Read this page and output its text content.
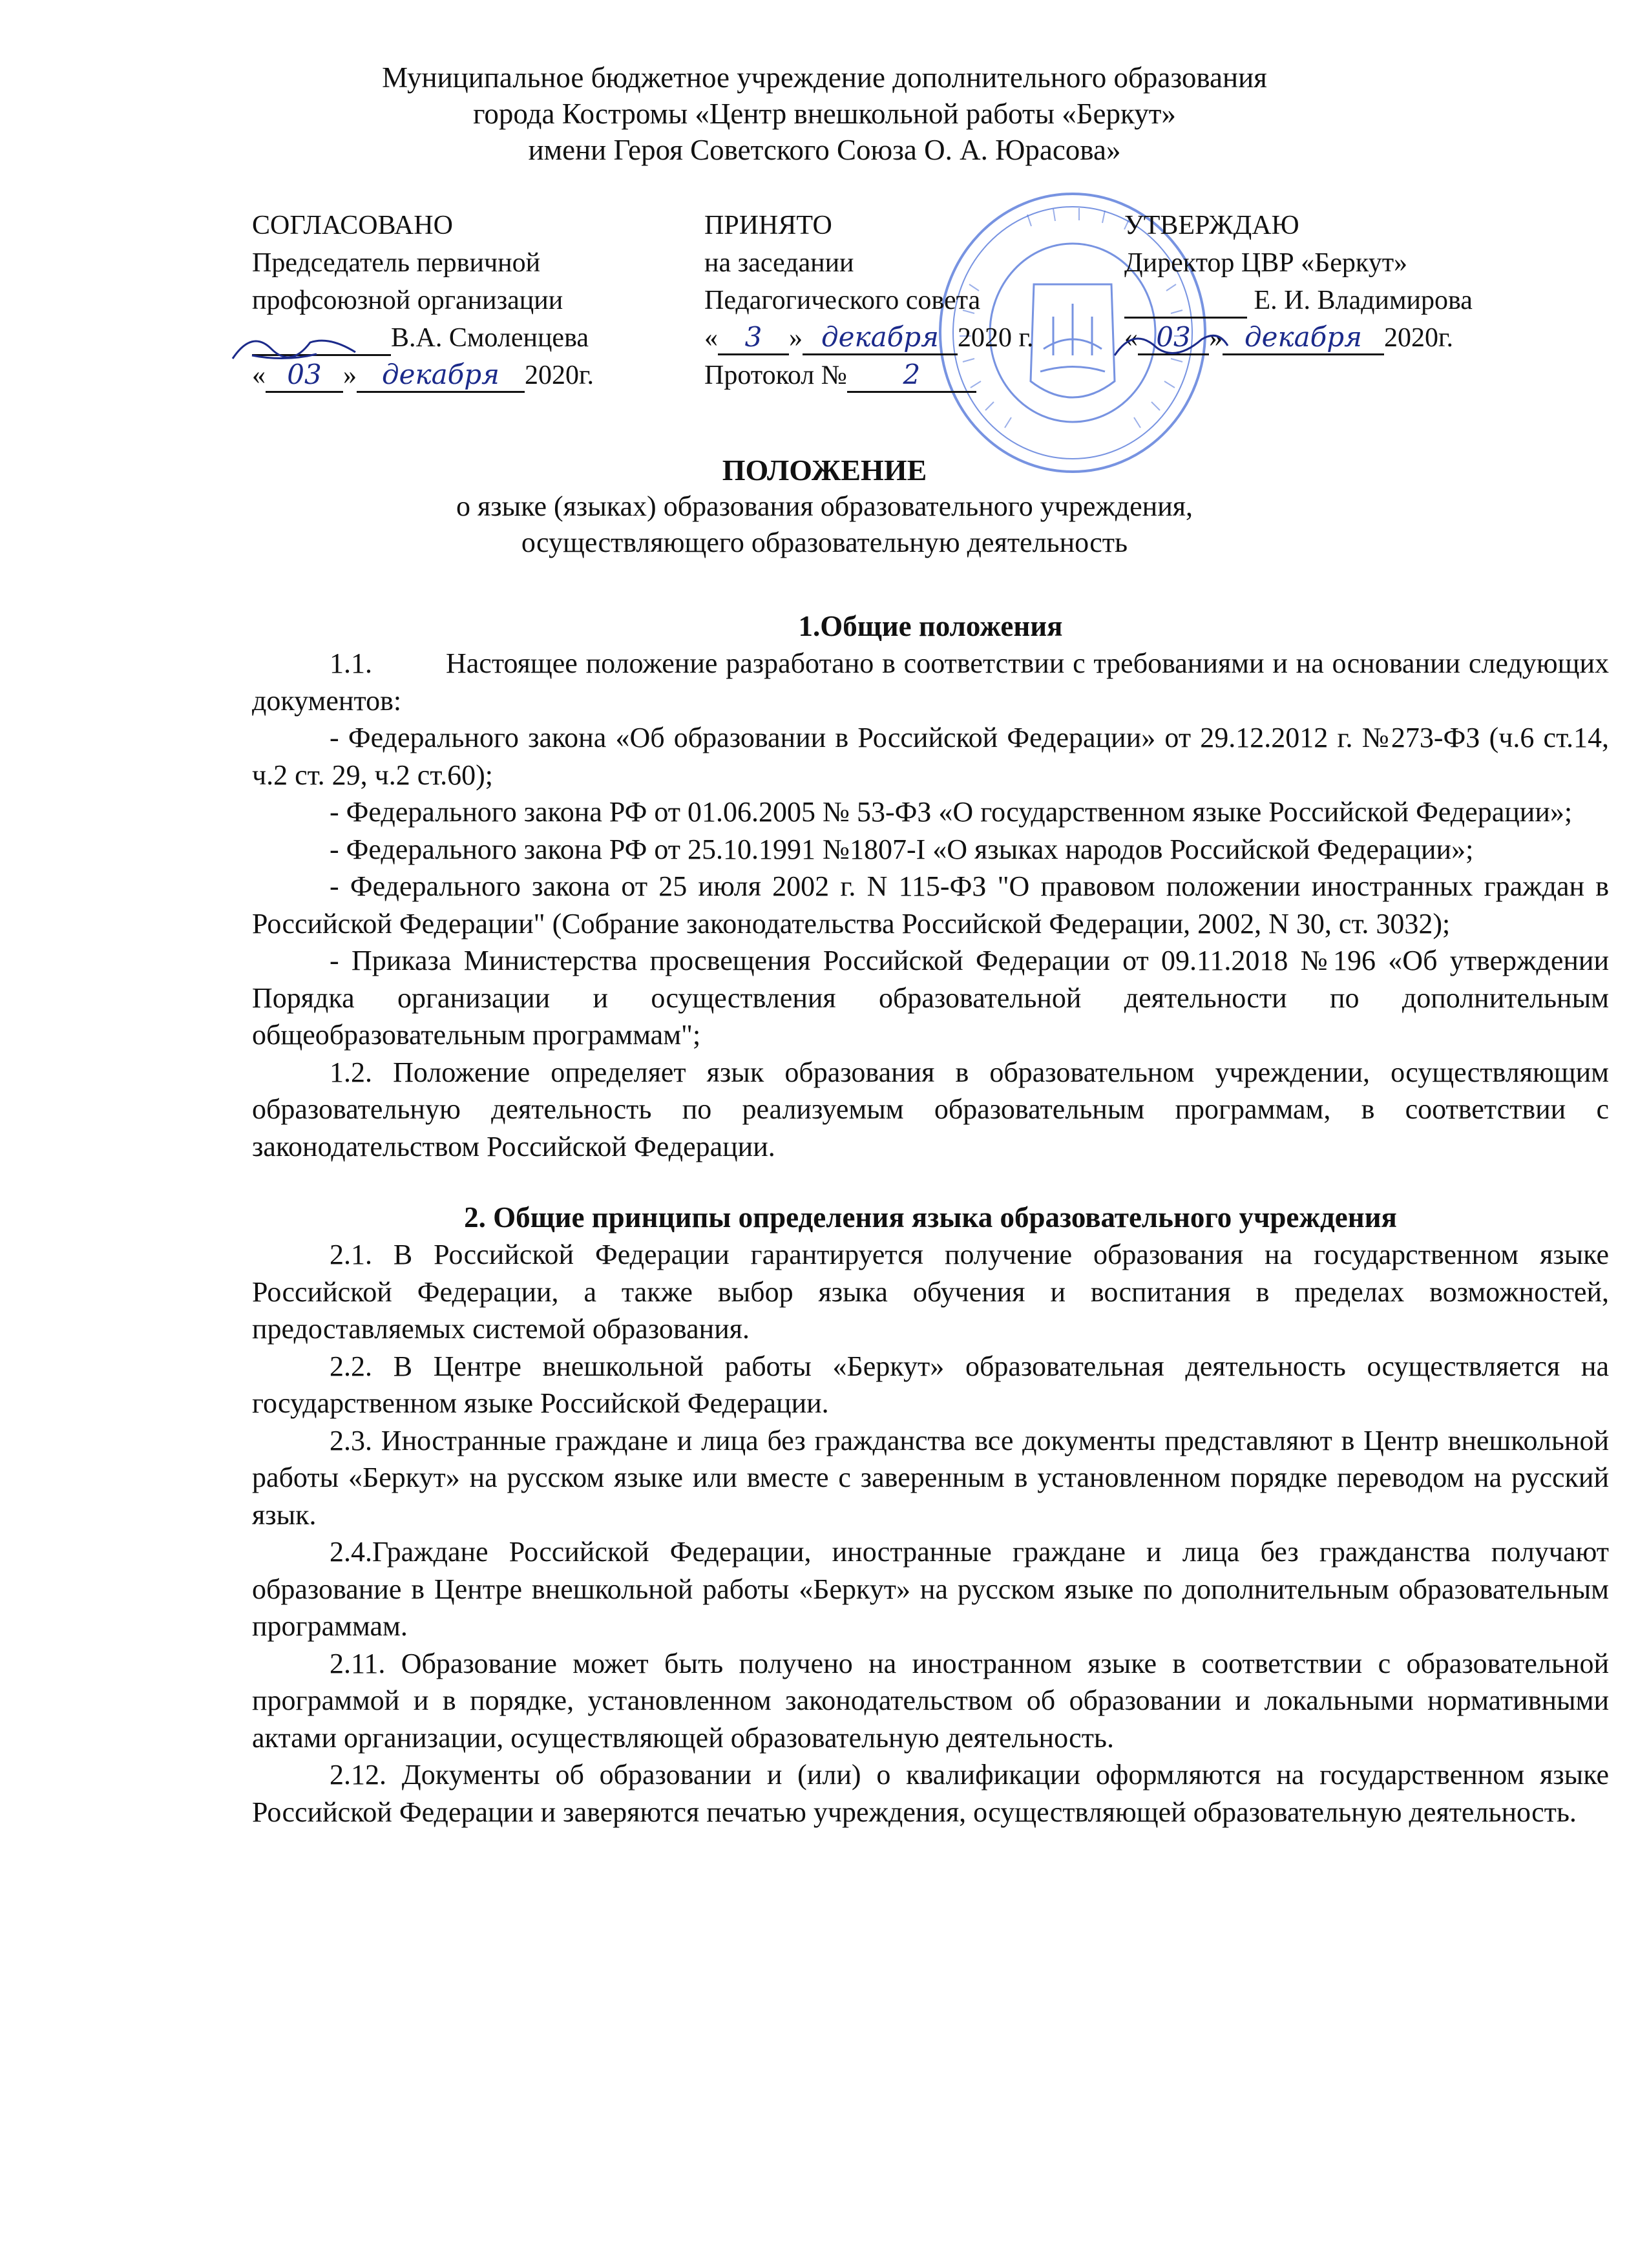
Муниципальное бюджетное учреждение дополнительного образования
города Костромы «Центр внешкольной работы «Беркут»
имени Героя Советского Союза О. А. Юрасова»
СОГЛАСОВАНО
Председатель первичной
профсоюзной организации
В.А. Смоленцева
« 03 » декабря 2020г.
ПРИНЯТО
на заседании
Педагогического совета
« 3 » декабря 2020 г.
Протокол № 2
УТВЕРЖДАЮ
Директор ЦВР «Беркут»
Е. И. Владимирова
« 03 » декабря 2020г.
ПОЛОЖЕНИЕ
о языке (языках) образования образовательного учреждения,
осуществляющего образовательную деятельность
1.Общие положения

1.1.	Настоящее положение разработано в соответствии с требованиями и на основании следующих документов:

- Федерального закона «Об образовании в Российской Федерации» от 29.12.2012 г. №273-ФЗ (ч.6 ст.14, ч.2 ст. 29, ч.2 ст.60);

- Федерального закона РФ от 01.06.2005 № 53-ФЗ «О государственном языке Российской Федерации»;

- Федерального закона РФ от 25.10.1991 №1807-I «О языках народов Российской Федерации»;

- Федерального закона от 25 июля 2002 г. N 115-ФЗ "О правовом положении иностранных граждан в Российской Федерации" (Собрание законодательства Российской Федерации, 2002, N 30, ст. 3032);

- Приказа Министерства просвещения Российской Федерации от 09.11.2018 №196 «Об утверждении Порядка организации и осуществления образовательной деятельности по дополнительным общеобразовательным программам";

1.2. Положение определяет язык образования в образовательном учреждении, осуществляющим образовательную деятельность по реализуемым образовательным программам, в соответствии с законодательством Российской Федерации.

2. Общие принципы определения языка образовательного учреждения

2.1. В Российской Федерации гарантируется получение образования на государственном языке Российской Федерации, а также выбор языка обучения и воспитания в пределах возможностей, предоставляемых системой образования.

2.2. В Центре внешкольной работы «Беркут» образовательная деятельность осуществляется на государственном языке Российской Федерации.

2.3. Иностранные граждане и лица без гражданства все документы представляют в Центр внешкольной работы «Беркут» на русском языке или вместе с заверенным в установленном порядке переводом на русский язык.

2.4.Граждане Российской Федерации, иностранные граждане и лица без гражданства получают образование в Центре внешкольной работы «Беркут» на русском языке по дополнительным образовательным программам.

2.11. Образование может быть получено на иностранном языке в соответствии с образовательной программой и в порядке, установленном законодательством об образовании и локальными нормативными актами организации, осуществляющей образовательную деятельность.

2.12. Документы об образовании и (или) о квалификации оформляются на государственном языке Российской Федерации и заверяются печатью учреждения, осуществляющей образовательную деятельность.
